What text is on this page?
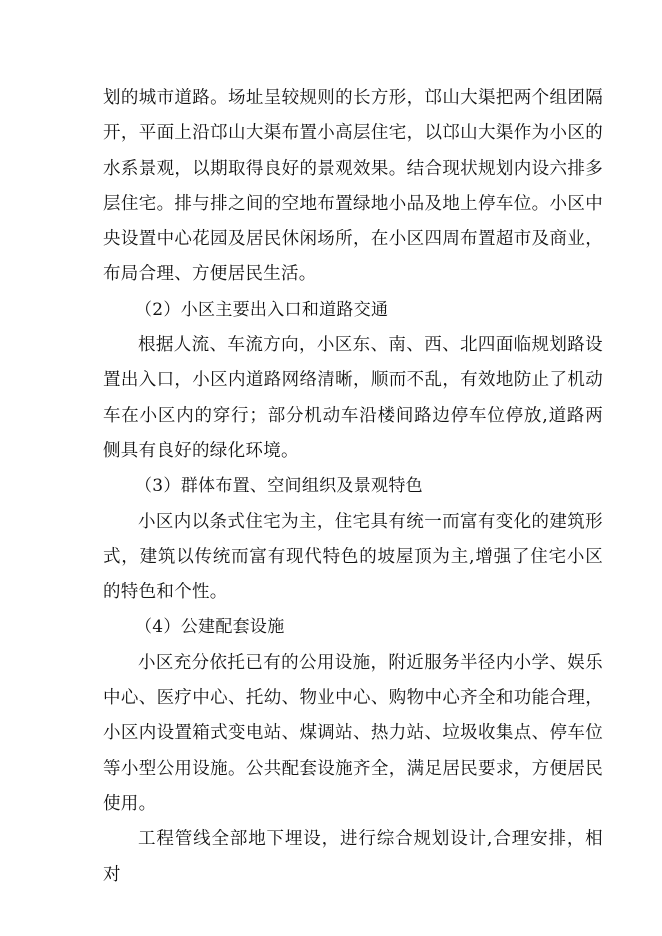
划的城市道路。场址呈较规则的长方形，邙山大渠把两个组团隔开，平面上沿邙山大渠布置小高层住宅，以邙山大渠作为小区的水系景观，以期取得良好的景观效果。结合现状规划内设六排多层住宅。排与排之间的空地布置绿地小品及地上停车位。小区中央设置中心花园及居民休闲场所，在小区四周布置超市及商业，布局合理、方便居民生活。

（2）小区主要出入口和道路交通

根据人流、车流方向，小区东、南、西、北四面临规划路设置出入口，小区内道路网络清晰，顺而不乱，有效地防止了机动车在小区内的穿行；部分机动车沿楼间路边停车位停放,道路两侧具有良好的绿化环境。

（3）群体布置、空间组织及景观特色

小区内以条式住宅为主，住宅具有统一而富有变化的建筑形式，建筑以传统而富有现代特色的坡屋顶为主,增强了住宅小区的特色和个性。

（4）公建配套设施

小区充分依托已有的公用设施，附近服务半径内小学、娱乐中心、医疗中心、托幼、物业中心、购物中心齐全和功能合理，小区内设置箱式变电站、煤调站、热力站、垃圾收集点、停车位等小型公用设施。公共配套设施齐全，满足居民要求，方便居民使用。

工程管线全部地下埋设，进行综合规划设计,合理安排，相对
